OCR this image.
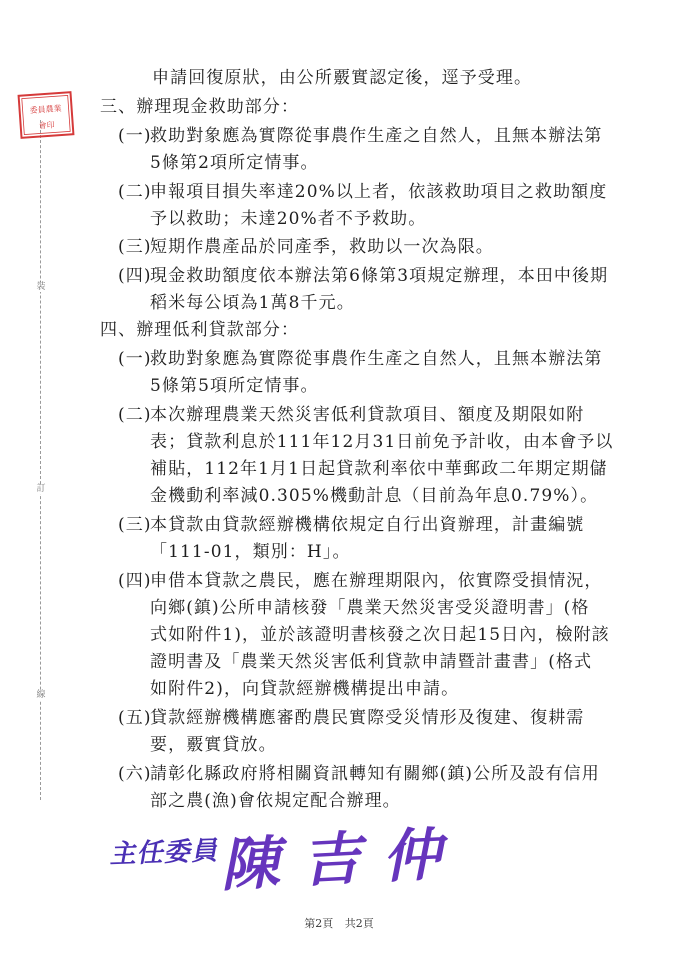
裝
訂
線
農業
委員
會印
申請回復原狀，由公所覈實認定後，逕予受理。
三、辦理現金救助部分：
(一)
救助對象應為實際從事農作生產之自然人，且無本辦法第
5條第2項所定情事。
(二)
申報項目損失率達20%以上者，依該救助項目之救助額度
予以救助；未達20%者不予救助。
(三)
短期作農產品於同產季，救助以一次為限。
(四)
現金救助額度依本辦法第6條第3項規定辦理，本田中後期
稻米每公頃為1萬8千元。
四、辦理低利貸款部分：
(一)
救助對象應為實際從事農作生產之自然人，且無本辦法第
5條第5項所定情事。
(二)
本次辦理農業天然災害低利貸款項目、額度及期限如附
表；貸款利息於111年12月31日前免予計收，由本會予以
補貼，112年1月1日起貸款利率依中華郵政二年期定期儲
金機動利率減0.305%機動計息（目前為年息0.79%）。
(三)
本貸款由貸款經辦機構依規定自行出資辦理，計畫編號
「111-01，類別：H」。
(四)
申借本貸款之農民，應在辦理期限內，依實際受損情況，
向鄉(鎮)公所申請核發「農業天然災害受災證明書」(格
式如附件1)，並於該證明書核發之次日起15日內，檢附該
證明書及「農業天然災害低利貸款申請暨計畫書」(格式
如附件2)，向貸款經辦機構提出申請。
(五)
貸款經辦機構應審酌農民實際受災情形及復建、復耕需
要，覈實貸放。
(六)
請彰化縣政府將相關資訊轉知有關鄉(鎮)公所及設有信用
部之農(漁)會依規定配合辦理。
主任委員
陳吉仲
第2頁 共2頁
